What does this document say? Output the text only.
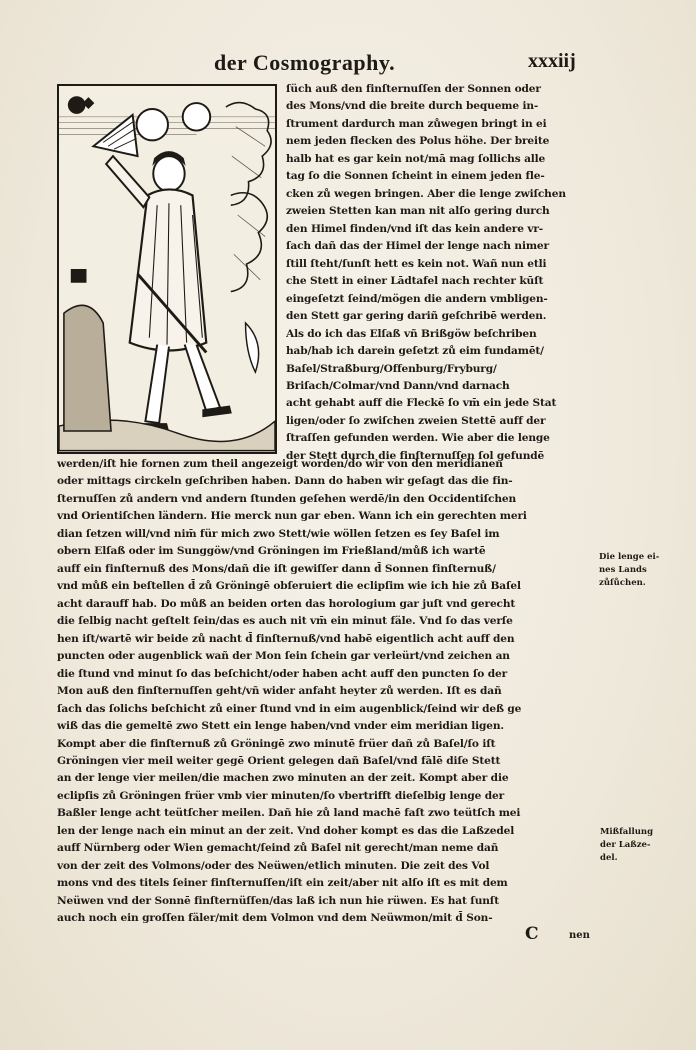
der Cosmography.	xxxiij
ſüch auß den finſternuſſen der Sonnen oder
des Mons/vnd die breite durch bequeme in-
ſtrument dardurch man zůwegen bringt in ei
nem jeden flecken des Polus höhe. Der breite
halb hat es gar kein not/mā mag ſollichs alle
tag ſo die Sonnen ſcheint in einem jeden fle-
cken zů wegen bringen. Aber die lenge zwiſchen
zweien Stetten kan man nit alſo gering durch
den Himel finden/vnd iſt das kein andere vr-
ſach dañ das der Himel der lenge nach nimer
ſtill ſteht/ſunſt hett es kein not. Wañ nun etli
che Stett in einer Lādtafel nach rechter kūſt
eingeſetzt ſeind/mögen die andern vmbligen-
den Stett gar gering dariñ geſchribē werden.
Als do ich das Elſaß vñ Brißgöw beſchriben
hab/hab ich darein geſetzt zů eim fundamēt/
Baſel/Straßburg/Offenburg/Fryburg/
Briſach/Colmar/vnd Dann/vnd darnach
acht gehabt auff die Fleckē ſo vm̄ ein jede Stat
ligen/oder ſo zwiſchen zweien Stettē auff der
ſtraſſen gefunden werden. Wie aber die lenge
der Stett durch die finſternuſſen ſol gefundē
werden/iſt hie fornen zum theil angezeigt worden/do wir von den meridianen
oder mittags circkeln geſchriben haben. Dann do haben wir geſagt das die fin-
ſternuſſen zů andern vnd andern ſtunden geſehen werdē/in den Occidentiſchen
vnd Orientiſchen ländern. Hie merck nun gar eben. Wann ich ein gerechten meri
dian ſetzen will/vnd nim̄ für mich zwo Stett/wie wöllen ſetzen es ſey Baſel im
obern Elſaß oder im Sunggöw/vnd Gröningen im Frießland/můß ich wartē
auff ein finſternuß des Mons/dañ die iſt gewiſſer dann d̄ Sonnen finſternuß/
vnd můß ein beſtellen d̄ zů Gröningē obſeruiert die eclipſim wie ich hie zů Baſel
acht darauff hab. Do můß an beiden orten das horologium gar juſt vnd gerecht
die ſelbig nacht geſtelt ſein/das es auch nit vm̄ ein minut fäle. Vnd ſo das verſe
hen iſt/wartē wir beide zů nacht d̄ finſternuß/vnd habē eigentlich acht auff den
puncten oder augenblick wañ der Mon ſein ſchein gar verleürt/vnd zeichen an
die ſtund vnd minut ſo das beſchicht/oder haben acht auff den puncten ſo der
Mon auß den finſternuſſen geht/vñ wider anfaht heyter zů werden. Iſt es dañ
ſach das ſolichs beſchicht zů einer ſtund vnd in eim augenblick/ſeind wir deß ge
wiß das die gemeltē zwo Stett ein lenge haben/vnd vnder eim meridian ligen.
Kompt aber die finſternuß zů Gröningē zwo minutē früer dañ zů Baſel/ſo iſt
Gröningen vier meil weiter gegē Orient gelegen dañ Baſel/vnd fālē diſe Stett
an der lenge vier meilen/die machen zwo minuten an der zeit. Kompt aber die
eclipſis zů Gröningen früer vmb vier minuten/ſo vbertrifft dieſelbig lenge der
Baßler lenge acht teütſcher meilen. Dañ hie zů land machē faſt zwo teütſch mei
len der lenge nach ein minut an der zeit. Vnd doher kompt es das die Laßzedel
auff Nürnberg oder Wien gemacht/ſeind zů Baſel nit gerecht/man neme dañ
von der zeit des Volmons/oder des Neüwen/etlich minuten. Die zeit des Vol
mons vnd des titels ſeiner finſternuſſen/iſt ein zeit/aber nit alſo iſt es mit dem
Neüwen vnd der Sonnē finſternüſſen/das laß ich nun hie rüwen. Es hat ſunſt
auch noch ein groſſen fäler/mit dem Volmon vnd dem Neüwmon/mit d̄ Son-
Die lenge ei-
nes Lands
zůſůchen.
Mißfallung
der Laßze-
del.
C	nen
